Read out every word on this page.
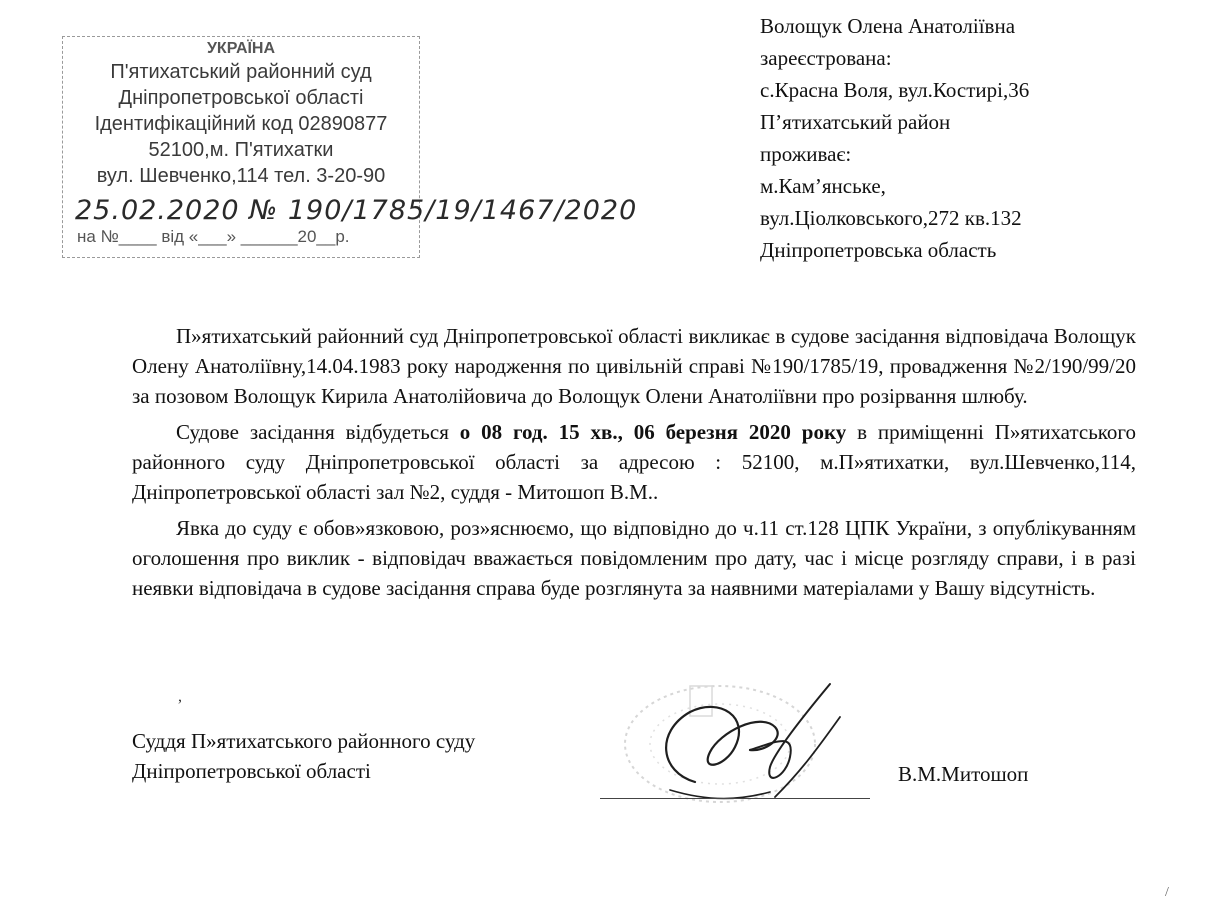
УКРАЇНА
П'ятихатський районний суд
Дніпропетровської області
Ідентифікаційний код 02890877
52100,м. П'ятихатки
вул. Шевченко,114 тел. 3-20-90
25.02.2020 № 190/1785/19/1467/2020
на №____ від «___» ______20__р.
Волощук Олена Анатоліївна
зареєстрована:
с.Красна Воля, вул.Костирі,36
П’ятихатський район
проживає:
м.Кам’янське,
вул.Ціолковського,272 кв.132
Дніпропетровська область

П»ятихатський районний суд Дніпропетровської області викликає в судове засідання відповідача Волощук Олену Анатоліївну,14.04.1983 року народження по цивільній справі №190/1785/19, провадження №2/190/99/20 за позовом Волощук Кирила Анатолійовича до Волощук Олени Анатоліївни про розірвання шлюбу.

Судове засідання відбудеться о 08 год. 15 хв., 06 березня 2020 року в приміщенні П»ятихатського районного суду Дніпропетровської області за адресою : 52100, м.П»ятихатки, вул.Шевченко,114, Дніпропетровської області зал №2, суддя - Митошоп В.М..

Явка до суду є обов»язковою, роз»яснюємо, що відповідно до ч.11 ст.128 ЦПК України, з опублікуванням оголошення про виклик - відповідач вважається повідомленим про дату, час і місце розгляду справи, і в разі неявки відповідача в судове засідання справа буде розглянута за наявними матеріалами у Вашу відсутність.

,
Суддя П»ятихатського районного суду
Дніпропетровської області	В.М.Митошоп
/
